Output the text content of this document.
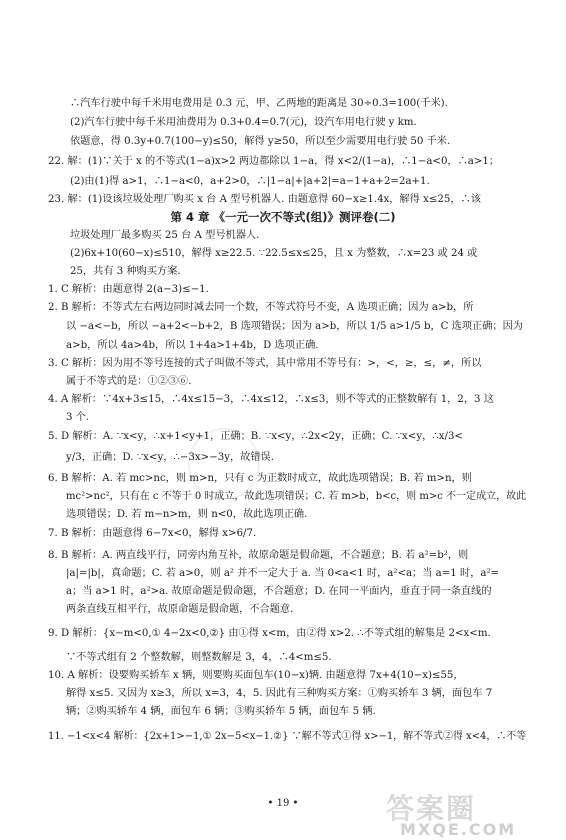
∴汽车行驶中每千米用电费用是 0.3 元，甲、乙两地的距离是 30÷0.3=100(千米).
(2)汽车行驶中每千米用油费用为 0.3+0.4=0.7(元)，设汽车用电行驶 y km.
依题意，得 0.3y+0.7(100−y)≤50，解得 y≥50，所以至少需要用电行驶 50 千米.
22. 解：(1)∵关于 x 的不等式(1−a)x>2 两边都除以 1−a，得 x<2/(1−a)，∴1−a<0，∴a>1；
(2)由(1)得 a>1，∴1−a<0，a+2>0，∴|1−a|+|a+2|=a−1+a+2=2a+1.
23. 解：(1)设该垃圾处理厂购买 x 台 A 型号机器人. 由题意得 60−x≥1.4x，解得 x≤25，∴该
第 4 章 《一元一次不等式(组)》测评卷(二)
垃圾处理厂最多购买 25 台 A 型号机器人.
(2)6x+10(60−x)≤510，解得 x≥22.5. ∵22.5≤x≤25，且 x 为整数，∴x=23 或 24 或
25，共有 3 种购买方案.
1. C 解析：由题意得 2(a−3)≤−1.
2. B 解析：不等式左右两边同时减去同一个数，不等式符号不变，A 选项正确；因为 a>b，所
以 −a<−b，所以 −a+2<−b+2，B 选项错误；因为 a>b，所以 1/5 a>1/5 b，C 选项正确；因为
a>b，所以 4a>4b，所以 1+4a>1+4b，D 选项正确.
3. C 解析：因为用不等号连接的式子叫做不等式，其中常用不等号有：>，<，≥，≤，≠，所以
属于不等式的是：①②③⑥.
4. A 解析：∵4x+3≤15，∴4x≤15−3，∴4x≤12，∴x≤3，则不等式的正整数解有 1，2，3 这
3 个.
5. D 解析：A. ∵x<y，∴x+1<y+1，正确；B. ∵x<y，∴2x<2y，正确；C. ∵x<y，∴x/3<
y/3，正确；D. ∵x<y，∴−3x>−3y，故错误.
6. B 解析：A. 若 mc>nc，则 m>n，只有 c 为正数时成立，故此选项错误；B. 若 m>n，则
mc²>nc²，只有在 c 不等于 0 时成立，故此选项错误；C. 若 m>b，b<c，则 m>c 不一定成立，故此
选项错误；D. 若 m−n>m，则 n<0，故此选项正确.
7. B 解析：由题意得 6−7x<0，解得 x>6/7.
8. B 解析：A. 两直线平行，同旁内角互补，故原命题是假命题，不合题意；B. 若 a²=b²，则
|a|=|b|，真命题；C. 若 a>0，则 a² 并不一定大于 a. 当 0<a<1 时，a²<a；当 a=1 时，a²=
a；当 a>1 时，a²>a. 故原命题是假命题，不合题意；D. 在同一平面内，垂直于同一条直线的
两条直线互相平行，故原命题是假命题，不合题意.
9. D 解析：{x−m<0,① 4−2x<0,②} 由①得 x<m，由②得 x>2. ∴不等式组的解集是 2<x<m.
∵不等式组有 2 个整数解，则整数解是 3，4，∴4<m≤5.
10. A 解析：设要购买轿车 x 辆，则要购买面包车(10−x)辆. 由题意得 7x+4(10−x)≤55，
解得 x≤5. 又因为 x≥3，所以 x=3，4，5. 因此有三种购买方案：①购买轿车 3 辆，面包车 7
辆；②购买轿车 4 辆，面包车 6 辆；③购买轿车 5 辆，面包车 5 辆.
11. −1<x<4 解析：{2x+1>−1,① 2x−5<x−1.②} ∵解不等式①得 x>−1，解不等式②得 x<4，∴不等
• 19 •	答案圈
MXQE.COM
